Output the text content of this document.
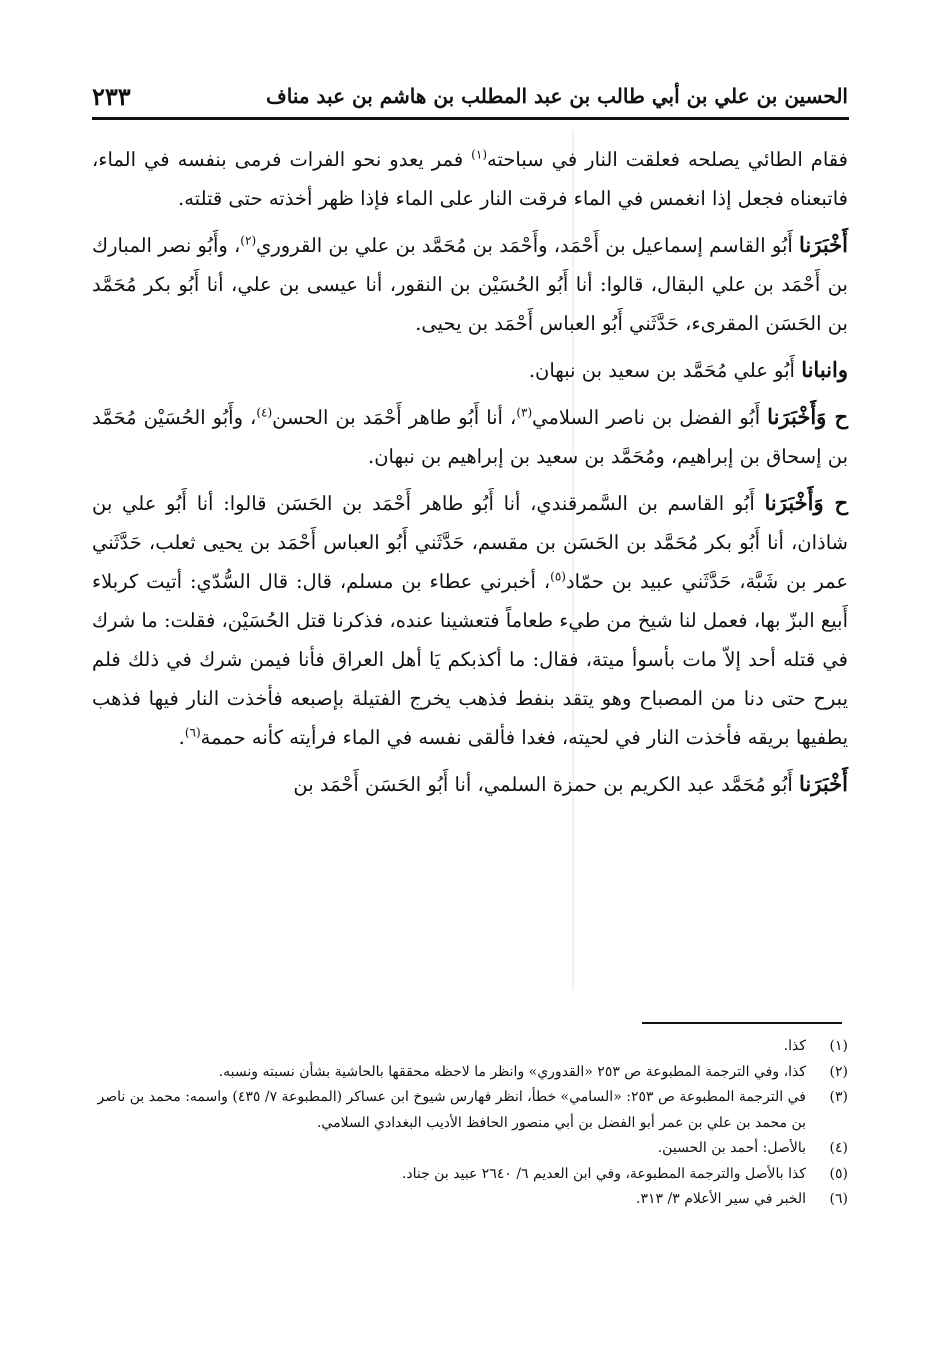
الحسين بن علي بن أبي طالب بن عبد المطلب بن هاشم بن عبد مناف
٢٣٣

فقام الطائي يصلحه فعلقت النار في سباحته$^{(١)}$ فمر يعدو نحو الفرات فرمى بنفسه في الماء، فاتبعناه فجعل إذا انغمس في الماء فرقت النار على الماء فإذا ظهر أخذته حتى قتلته.

أَخْبَرَنا أَبُو القاسم إسماعيل بن أَحْمَد، وأَحْمَد بن مُحَمَّد بن علي بن القروري$^{(٢)}$، وأَبُو نصر المبارك بن أَحْمَد بن علي البقال، قالوا: أنا أَبُو الحُسَيْن بن النقور، أنا عيسى بن علي، أنا أَبُو بكر مُحَمَّد بن الحَسَن المقرىء، حَدَّثَني أَبُو العباس أَحْمَد بن يحيى.

وانبانا أَبُو علي مُحَمَّد بن سعيد بن نبهان.

ح وَأَخْبَرَنا أَبُو الفضل بن ناصر السلامي$^{(٣)}$، أنا أَبُو طاهر أَحْمَد بن الحسن$^{(٤)}$، وأَبُو الحُسَيْن مُحَمَّد بن إسحاق بن إبراهيم، ومُحَمَّد بن سعيد بن إبراهيم بن نبهان.

ح وَأَخْبَرَنا أَبُو القاسم بن السَّمرقندي، أنا أَبُو طاهر أَحْمَد بن الحَسَن قالوا: أنا أَبُو علي بن شاذان، أنا أَبُو بكر مُحَمَّد بن الحَسَن بن مقسم، حَدَّثَني أَبُو العباس أَحْمَد بن يحيى ثعلب، حَدَّثَني عمر بن شَبَّة، حَدَّثَني عبيد بن حمّاد$^{(٥)}$، أخبرني عطاء بن مسلم، قال: قال السُّدّي: أتيت كربلاء أَبيع البزّ بها، فعمل لنا شيخ من طيء طعاماً فتعشينا عنده، فذكرنا قتل الحُسَيْن، فقلت: ما شرك في قتله أحد إلاّ مات بأسوأ ميتة، فقال: ما أكذبكم يَا أهل العراق فأنا فيمن شرك في ذلك فلم يبرح حتى دنا من المصباح وهو يتقد بنفط فذهب يخرج الفتيلة بإصبعه فأخذت النار فيها فذهب يطفيها بريقه فأخذت النار في لحيته، فغدا فألقى نفسه في الماء فرأيته كأنه حممة$^{(٦)}$.

أَخْبَرَنا أَبُو مُحَمَّد عبد الكريم بن حمزة السلمي، أنا أَبُو الحَسَن أَحْمَد بن

(١)
كذا.
(٢)
كذا، وفي الترجمة المطبوعة ص ٢٥٣ «القدوري» وانظر ما لاحظه محققها بالحاشية بشأن نسبته ونسبه.
(٣)
في الترجمة المطبوعة ص ٢٥٣: «السامي» خطأ، انظر فهارس شيوخ ابن عساكر (المطبوعة ٧/ ٤٣٥) واسمه: محمد بن ناصر بن محمد بن علي بن عمر أبو الفضل بن أبي منصور الحافظ الأديب البغدادي السلامي.
(٤)
بالأصل: أحمد بن الحسين.
(٥)
كذا بالأصل والترجمة المطبوعة، وفي ابن العديم ٦/ ٢٦٤٠ عبيد بن جناد.
(٦)
الخبر في سير الأعلام ٣/ ٣١٣.
